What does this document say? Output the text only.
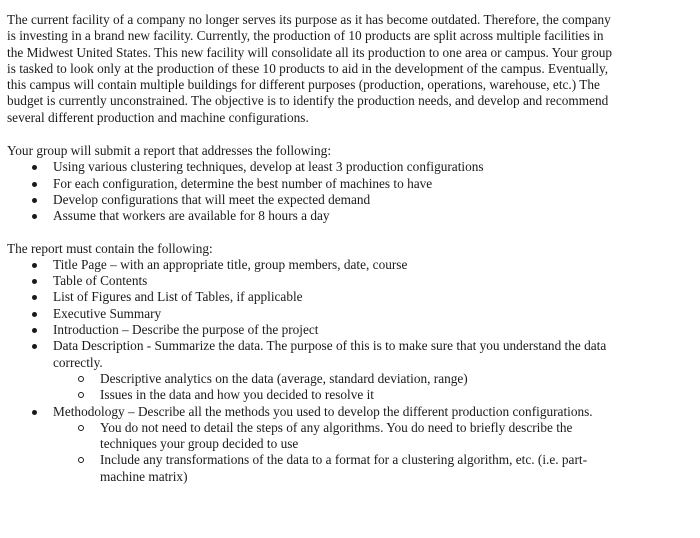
The current facility of a company no longer serves its purpose as it has become outdated. Therefore, the company is investing in a brand new facility. Currently, the production of 10 products are split across multiple facilities in the Midwest United States. This new facility will consolidate all its production to one area or campus. Your group is tasked to look only at the production of these 10 products to aid in the development of the campus. Eventually, this campus will contain multiple buildings for different purposes (production, operations, warehouse, etc.) The budget is currently unconstrained. The objective is to identify the production needs, and develop and recommend several different production and machine configurations.

Your group will submit a report that addresses the following:

Using various clustering techniques, develop at least 3 production configurations
For each configuration, determine the best number of machines to have
Develop configurations that will meet the expected demand
Assume that workers are available for 8 hours a day

The report must contain the following:

Title Page – with an appropriate title, group members, date, course
Table of Contents
List of Figures and List of Tables, if applicable
Executive Summary
Introduction – Describe the purpose of the project
Data Description - Summarize the data. The purpose of this is to make sure that you understand the data correctly.
Descriptive analytics on the data (average, standard deviation, range)
Issues in the data and how you decided to resolve it
Methodology – Describe all the methods you used to develop the different production configurations.
You do not need to detail the steps of any algorithms. You do need to briefly describe the techniques your group decided to use
Include any transformations of the data to a format for a clustering algorithm, etc. (i.e. part-machine matrix)
